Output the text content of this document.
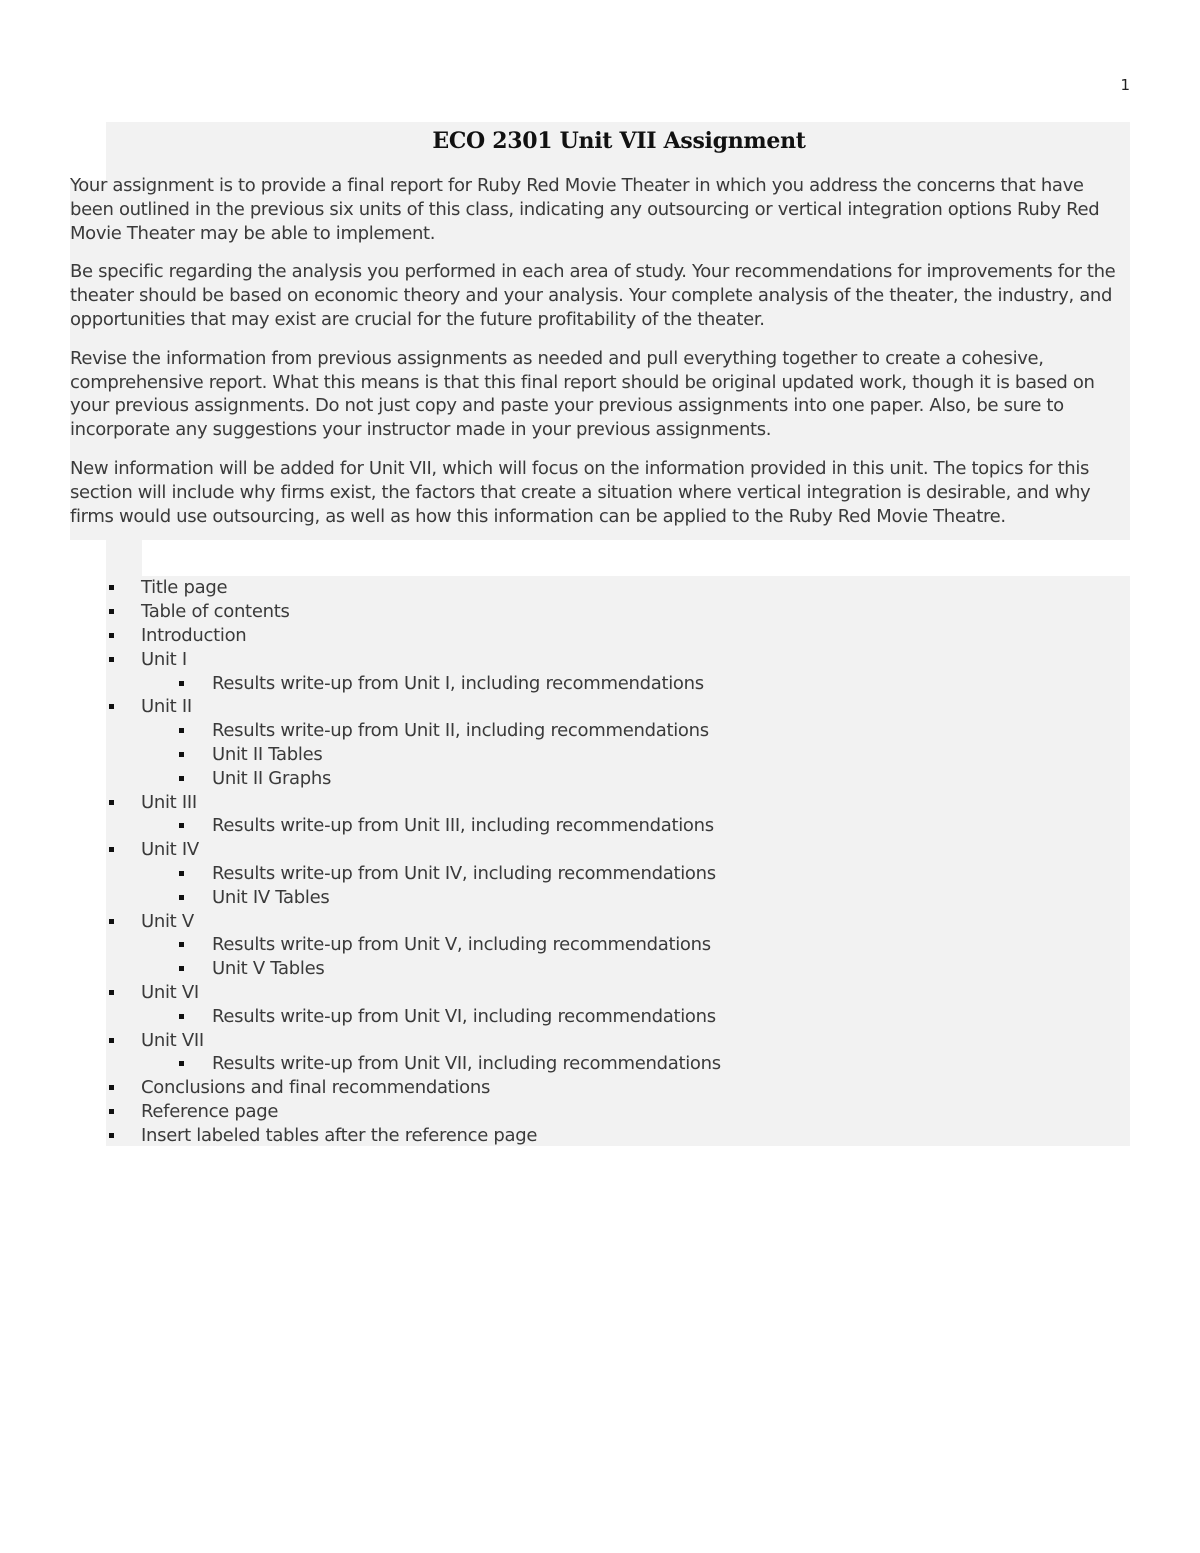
1
ECO 2301 Unit VII Assignment

Your assignment is to provide a final report for Ruby Red Movie Theater in which you address the concerns that have been outlined in the previous six units of this class, indicating any outsourcing or vertical integration options Ruby Red Movie Theater may be able to implement.

Be specific regarding the analysis you performed in each area of study. Your recommendations for improvements for the theater should be based on economic theory and your analysis. Your complete analysis of the theater, the industry, and opportunities that may exist are crucial for the future profitability of the theater.

Revise the information from previous assignments as needed and pull everything together to create a cohesive, comprehensive report. What this means is that this final report should be original updated work, though it is based on your previous assignments. Do not just copy and paste your previous assignments into one paper. Also, be sure to incorporate any suggestions your instructor made in your previous assignments.

New information will be added for Unit VII, which will focus on the information provided in this unit. The topics for this section will include why firms exist, the factors that create a situation where vertical integration is desirable, and why firms would use outsourcing, as well as how this information can be applied to the Ruby Red Movie Theatre.

Title page
Table of contents
Introduction
Unit I
Results write-up from Unit I, including recommendations
Unit II
Results write-up from Unit II, including recommendations
Unit II Tables
Unit II Graphs
Unit III
Results write-up from Unit III, including recommendations
Unit IV
Results write-up from Unit IV, including recommendations
Unit IV Tables
Unit V
Results write-up from Unit V, including recommendations
Unit V Tables
Unit VI
Results write-up from Unit VI, including recommendations
Unit VII
Results write-up from Unit VII, including recommendations
Conclusions and final recommendations
Reference page
Insert labeled tables after the reference page
